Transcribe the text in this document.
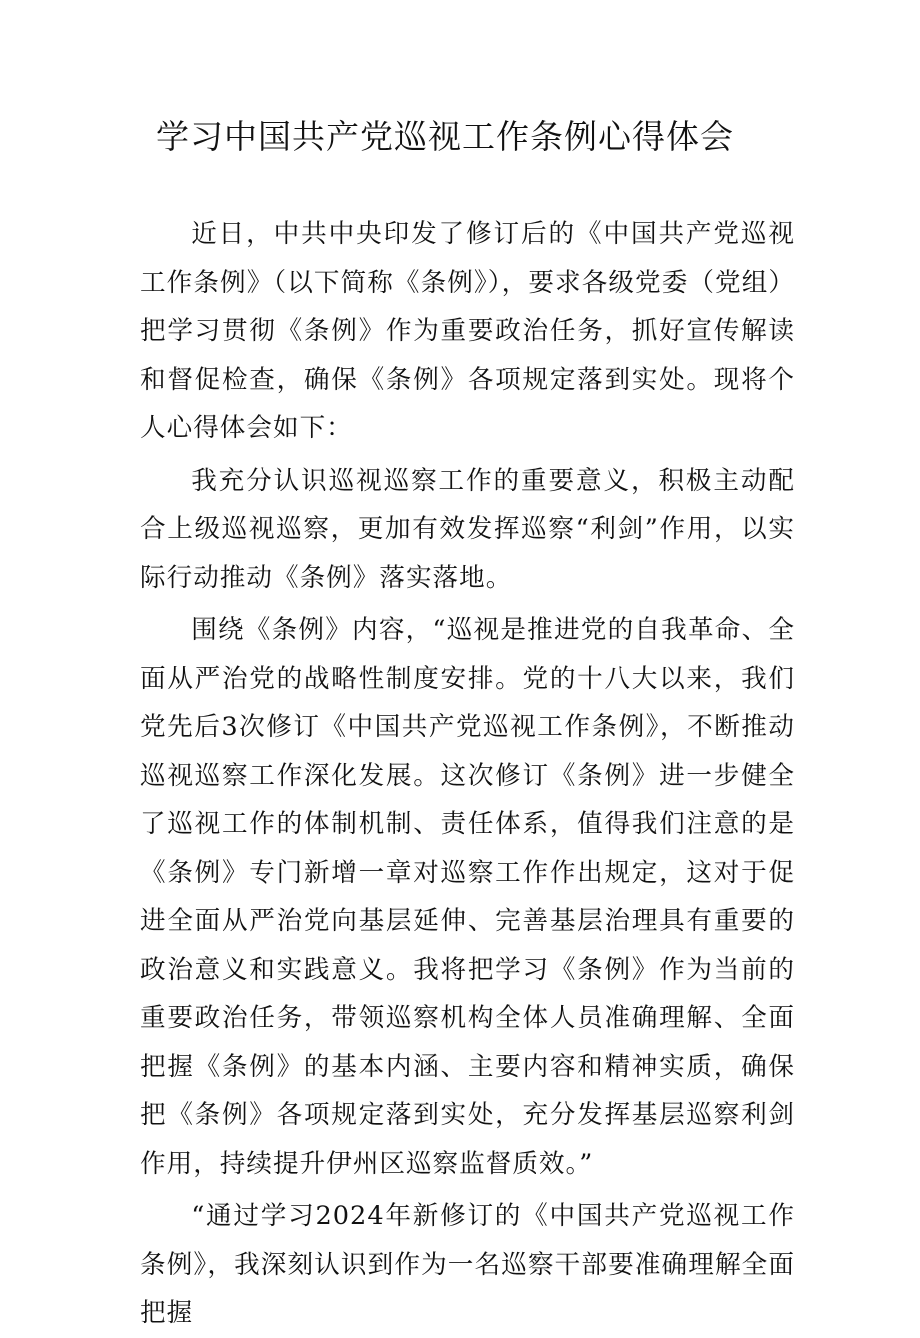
学习中国共产党巡视工作条例心得体会

近日，中共中央印发了修订后的《中国共产党巡视工作条例》（以下简称《条例》），要求各级党委（党组）把学习贯彻《条例》作为重要政治任务，抓好宣传解读和督促检查，确保《条例》各项规定落到实处。现将个人心得体会如下：

我充分认识巡视巡察工作的重要意义，积极主动配合上级巡视巡察，更加有效发挥巡察“利剑”作用，以实际行动推动《条例》落实落地。

围绕《条例》内容，“巡视是推进党的自我革命、全面从严治党的战略性制度安排。党的十八大以来，我们党先后3次修订《中国共产党巡视工作条例》，不断推动巡视巡察工作深化发展。这次修订《条例》进一步健全了巡视工作的体制机制、责任体系，值得我们注意的是《条例》专门新增一章对巡察工作作出规定，这对于促进全面从严治党向基层延伸、完善基层治理具有重要的政治意义和实践意义。我将把学习《条例》作为当前的重要政治任务，带领巡察机构全体人员准确理解、全面把握《条例》的基本内涵、主要内容和精神实质，确保把《条例》各项规定落到实处，充分发挥基层巡察利剑作用，持续提升伊州区巡察监督质效。”

“通过学习2024年新修订的《中国共产党巡视工作条例》，我深刻认识到作为一名巡察干部要准确理解全面把握
